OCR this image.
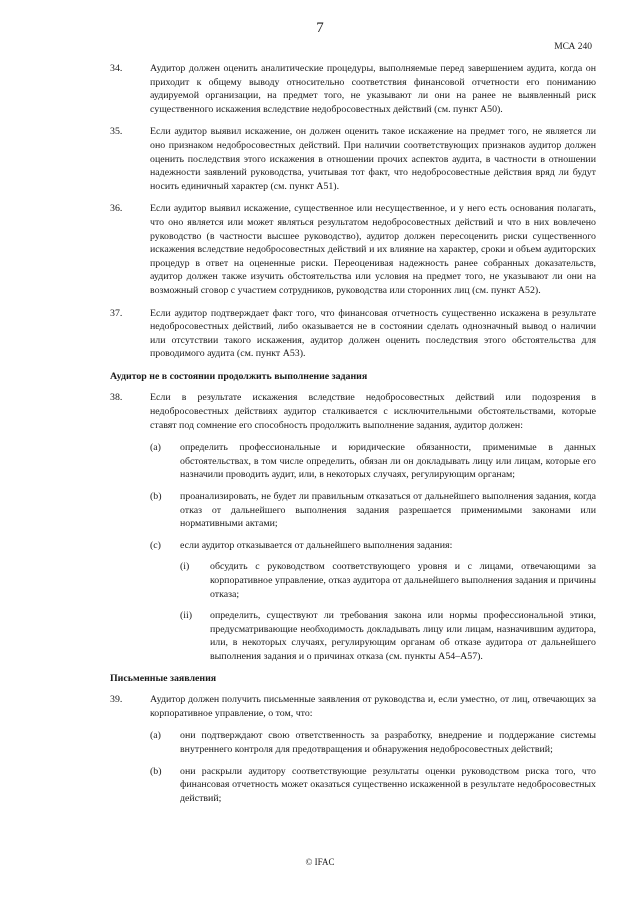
7
МСА 240
34.	Аудитор должен оценить аналитические процедуры, выполняемые перед завершением аудита, когда он приходит к общему выводу относительно соответствия финансовой отчетности его пониманию аудируемой организации, на предмет того, не указывают ли они на ранее не выявленный риск существенного искажения вследствие недобросовестных действий (см. пункт A50).
35.	Если аудитор выявил искажение, он должен оценить такое искажение на предмет того, не является ли оно признаком недобросовестных действий. При наличии соответствующих признаков аудитор должен оценить последствия этого искажения в отношении прочих аспектов аудита, в частности в отношении надежности заявлений руководства, учитывая тот факт, что недобросовестные действия вряд ли будут носить единичный характер (см. пункт A51).
36.	Если аудитор выявил искажение, существенное или несущественное, и у него есть основания полагать, что оно является или может являться результатом недобросовестных действий и что в них вовлечено руководство (в частности высшее руководство), аудитор должен пересоценить риски существенного искажения вследствие недобросовестных действий и их влияние на характер, сроки и объем аудиторских процедур в ответ на оцененные риски. Переоценивая надежность ранее собранных доказательств, аудитор должен также изучить обстоятельства или условия на предмет того, не указывают ли они на возможный сговор с участием сотрудников, руководства или сторонних лиц (см. пункт A52).
37.	Если аудитор подтверждает факт того, что финансовая отчетность существенно искажена в результате недобросовестных действий, либо оказывается не в состоянии сделать однозначный вывод о наличии или отсутствии такого искажения, аудитор должен оценить последствия этого обстоятельства для проводимого аудита (см. пункт A53).
Аудитор не в состоянии продолжить выполнение задания
38.	Если в результате искажения вследствие недобросовестных действий или подозрения в недобросовестных действиях аудитор сталкивается с исключительными обстоятельствами, которые ставят под сомнение его способность продолжить выполнение задания, аудитор должен:
(a) определить профессиональные и юридические обязанности, применимые в данных обстоятельствах, в том числе определить, обязан ли он докладывать лицу или лицам, которые его назначили проводить аудит, или, в некоторых случаях, регулирующим органам;
(b) проанализировать, не будет ли правильным отказаться от дальнейшего выполнения задания, когда отказ от дальнейшего выполнения задания разрешается применимыми законами или нормативными актами;
(c) если аудитор отказывается от дальнейшего выполнения задания:
(i) обсудить с руководством соответствующего уровня и с лицами, отвечающими за корпоративное управление, отказ аудитора от дальнейшего выполнения задания и причины отказа;
(ii) определить, существуют ли требования закона или нормы профессиональной этики, предусматривающие необходимость докладывать лицу или лицам, назначившим аудитора, или, в некоторых случаях, регулирующим органам об отказе аудитора от дальнейшего выполнения задания и о причинах отказа (см. пункты A54–A57).
Письменные заявления
39.	Аудитор должен получить письменные заявления от руководства и, если уместно, от лиц, отвечающих за корпоративное управление, о том, что:
(a) они подтверждают свою ответственность за разработку, внедрение и поддержание системы внутреннего контроля для предотвращения и обнаружения недобросовестных действий;
(b) они раскрыли аудитору соответствующие результаты оценки руководством риска того, что финансовая отчетность может оказаться существенно искаженной в результате недобросовестных действий;
© IFAC
